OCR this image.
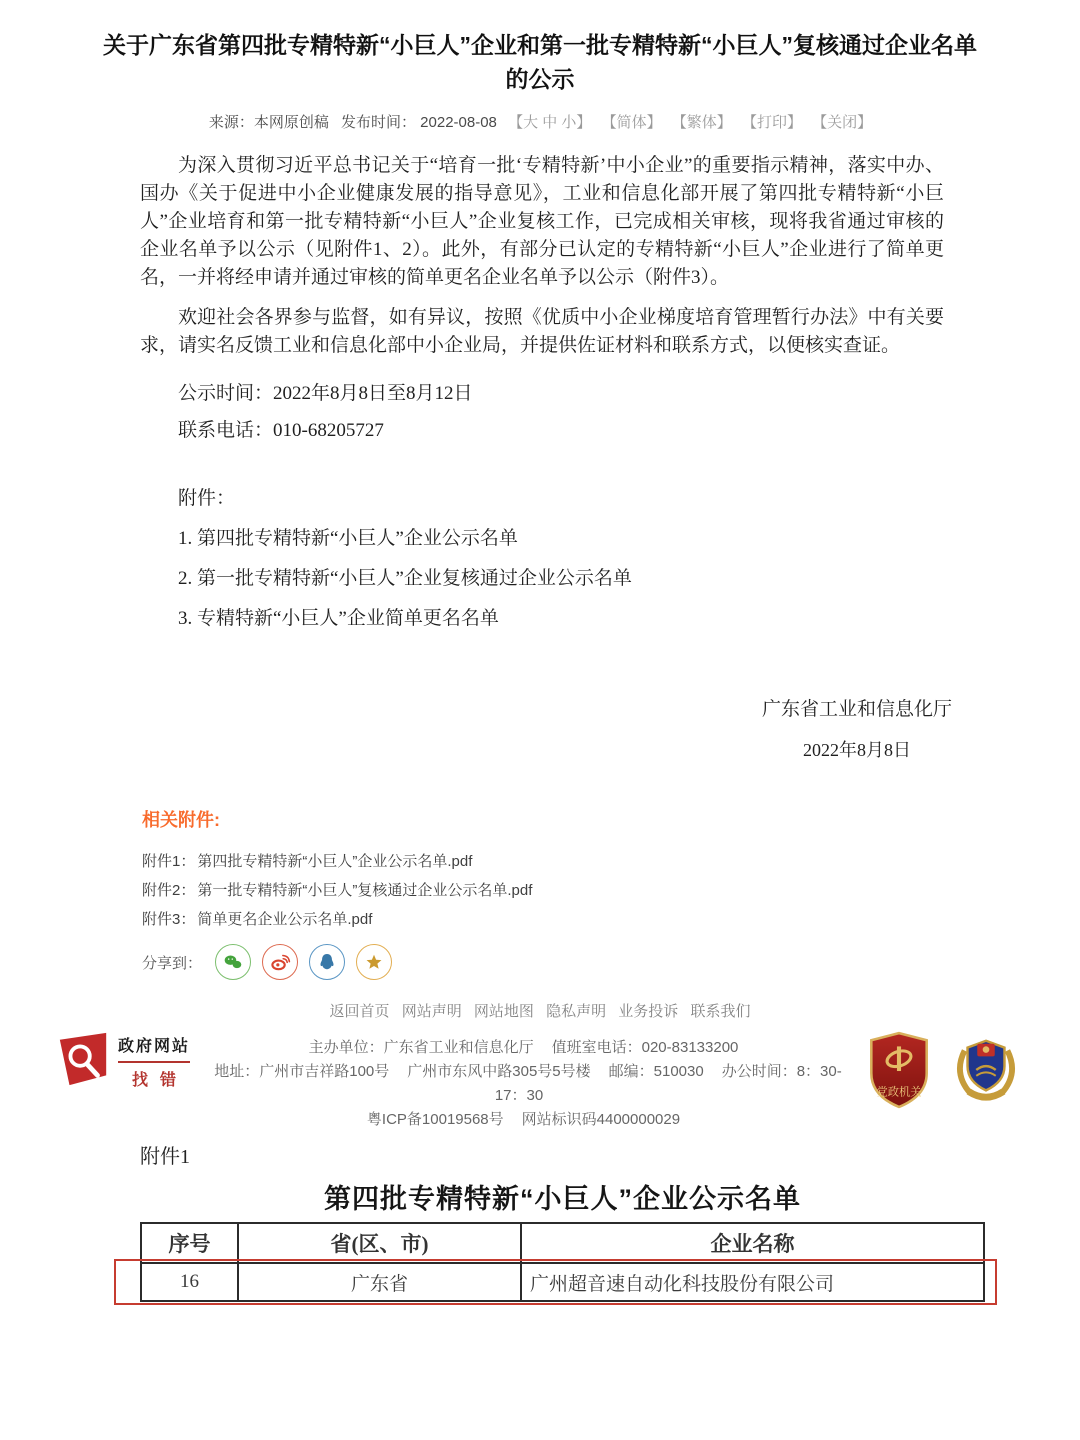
关于广东省第四批专精特新“小巨人”企业和第一批专精特新“小巨人”复核通过企业名单的公示
来源：本网原创稿 发布时间： 2022-08-08 【大 中 小】 【简体】 【繁体】 【打印】 【关闭】

为深入贯彻习近平总书记关于“培育一批‘专精特新’中小企业”的重要指示精神，落实中办、国办《关于促进中小企业健康发展的指导意见》，工业和信息化部开展了第四批专精特新“小巨人”企业培育和第一批专精特新“小巨人”企业复核工作，已完成相关审核，现将我省通过审核的企业名单予以公示（见附件1、2）。此外，有部分已认定的专精特新“小巨人”企业进行了简单更名，一并将经申请并通过审核的简单更名企业名单予以公示（附件3）。

欢迎社会各界参与监督，如有异议，按照《优质中小企业梯度培育管理暂行办法》中有关要求，请实名反馈工业和信息化部中小企业局，并提供佐证材料和联系方式，以便核实查证。

公示时间：2022年8月8日至8月12日

联系电话：010-68205727

附件：

1. 第四批专精特新“小巨人”企业公示名单

2. 第一批专精特新“小巨人”企业复核通过企业公示名单

3. 专精特新“小巨人”企业简单更名名单

广东省工业和信息化厅
2022年8月8日
相关附件:
附件1： 第四批专精特新“小巨人”企业公示名单.pdf
附件2： 第一批专精特新“小巨人”复核通过企业公示名单.pdf
附件3： 简单更名企业公示名单.pdf
分享到：
返回首页 网站声明 网站地图 隐私声明 业务投诉 联系我们
政府网站
找错
主办单位：广东省工业和信息化厅 值班室电话：020-83133200
地址：广州市吉祥路100号 广州市东风中路305号5号楼 邮编：510030 办公时间：8：30-17：30
粤ICP备10019568号 网站标识码4400000029
党政机关
附件1
第四批专精特新“小巨人”企业公示名单
序号	省(区、市)	企业名称
16	广东省	广州超音速自动化科技股份有限公司
